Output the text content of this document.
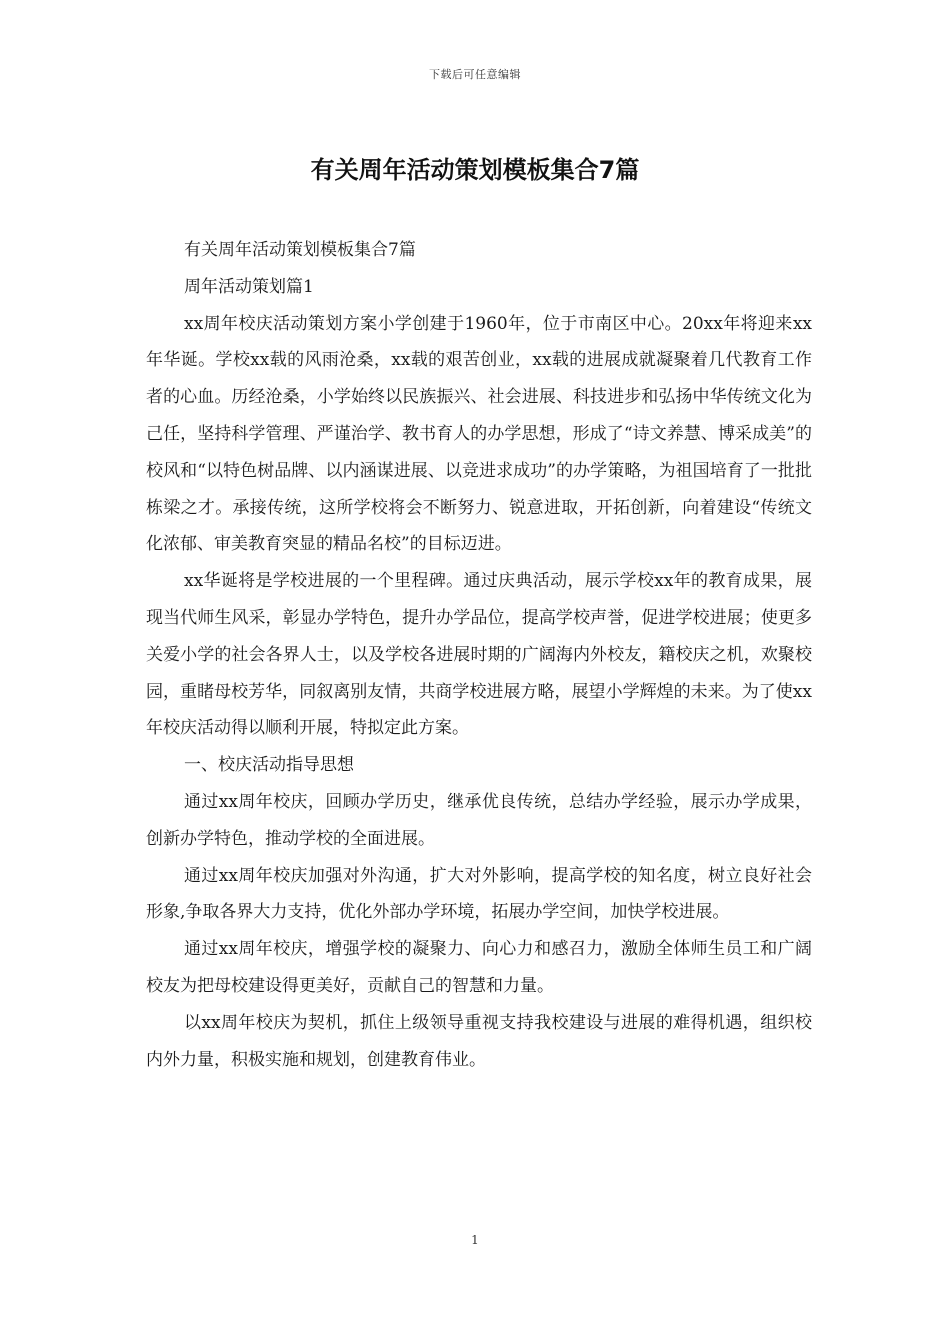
下载后可任意编辑
有关周年活动策划模板集合7篇

有关周年活动策划模板集合7篇

周年活动策划篇1

xx周年校庆活动策划方案小学创建于1960年，位于市南区中心。20xx年将迎来xx年华诞。学校xx载的风雨沧桑，xx载的艰苦创业，xx载的进展成就凝聚着几代教育工作者的心血。历经沧桑，小学始终以民族振兴、社会进展、科技进步和弘扬中华传统文化为己任，坚持科学管理、严谨治学、教书育人的办学思想，形成了“诗文养慧、博采成美”的校风和“以特色树品牌、以内涵谋进展、以竞进求成功”的办学策略，为祖国培育了一批批栋梁之才。承接传统，这所学校将会不断努力、锐意进取，开拓创新，向着建设“传统文化浓郁、审美教育突显的精品名校”的目标迈进。

xx华诞将是学校进展的一个里程碑。通过庆典活动，展示学校xx年的教育成果，展现当代师生风采，彰显办学特色，提升办学品位，提高学校声誉，促进学校进展；使更多关爱小学的社会各界人士，以及学校各进展时期的广阔海内外校友，籍校庆之机，欢聚校园，重睹母校芳华，同叙离别友情，共商学校进展方略，展望小学辉煌的未来。为了使xx年校庆活动得以顺利开展，特拟定此方案。

一、校庆活动指导思想

通过xx周年校庆，回顾办学历史，继承优良传统，总结办学经验，展示办学成果，创新办学特色，推动学校的全面进展。

通过xx周年校庆加强对外沟通，扩大对外影响，提高学校的知名度，树立良好社会形象,争取各界大力支持，优化外部办学环境，拓展办学空间，加快学校进展。

通过xx周年校庆，增强学校的凝聚力、向心力和感召力，激励全体师生员工和广阔校友为把母校建设得更美好，贡献自己的智慧和力量。

以xx周年校庆为契机，抓住上级领导重视支持我校建设与进展的难得机遇，组织校内外力量，积极实施和规划，创建教育伟业。

1
